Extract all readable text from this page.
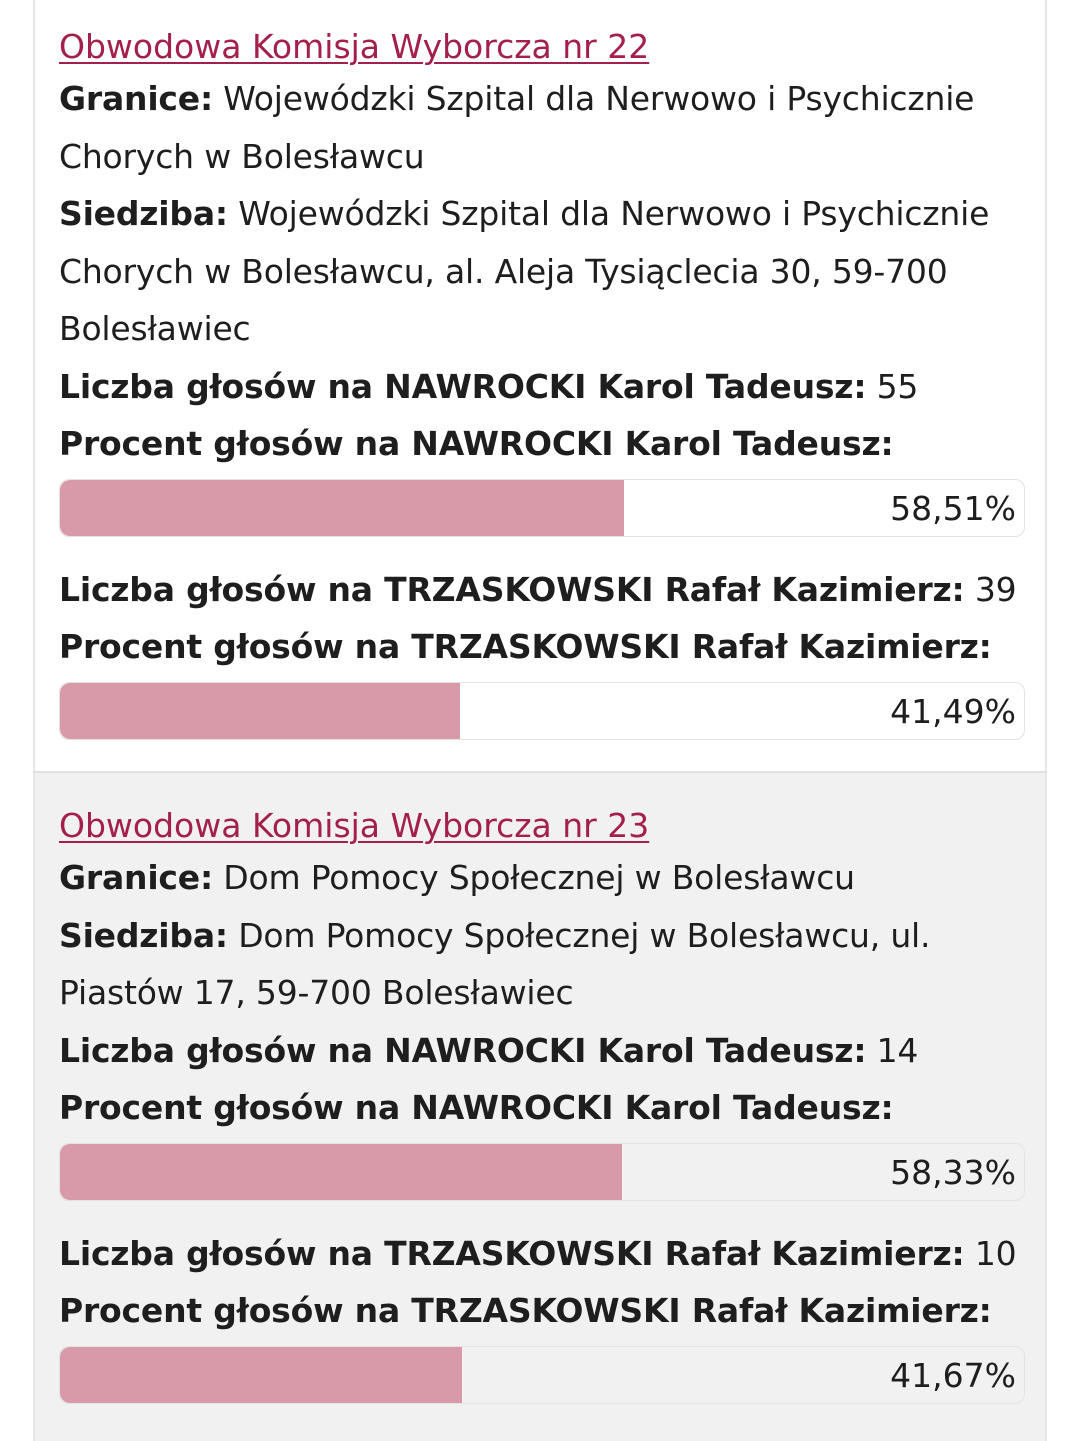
Obwodowa Komisja Wyborcza nr 22
Granice: Wojewódzki Szpital dla Nerwowo i Psychicznie Chorych w Bolesławcu
Siedziba: Wojewódzki Szpital dla Nerwowo i Psychicznie Chorych w Bolesławcu, al. Aleja Tysiąclecia 30, 59-700 Bolesławiec
Liczba głosów na NAWROCKI Karol Tadeusz: 55
Procent głosów na NAWROCKI Karol Tadeusz:
58,51%
Liczba głosów na TRZASKOWSKI Rafał Kazimierz: 39
Procent głosów na TRZASKOWSKI Rafał Kazimierz:
41,49%
Obwodowa Komisja Wyborcza nr 23
Granice: Dom Pomocy Społecznej w Bolesławcu
Siedziba: Dom Pomocy Społecznej w Bolesławcu, ul. Piastów 17, 59-700 Bolesławiec
Liczba głosów na NAWROCKI Karol Tadeusz: 14
Procent głosów na NAWROCKI Karol Tadeusz:
58,33%
Liczba głosów na TRZASKOWSKI Rafał Kazimierz: 10
Procent głosów na TRZASKOWSKI Rafał Kazimierz:
41,67%
